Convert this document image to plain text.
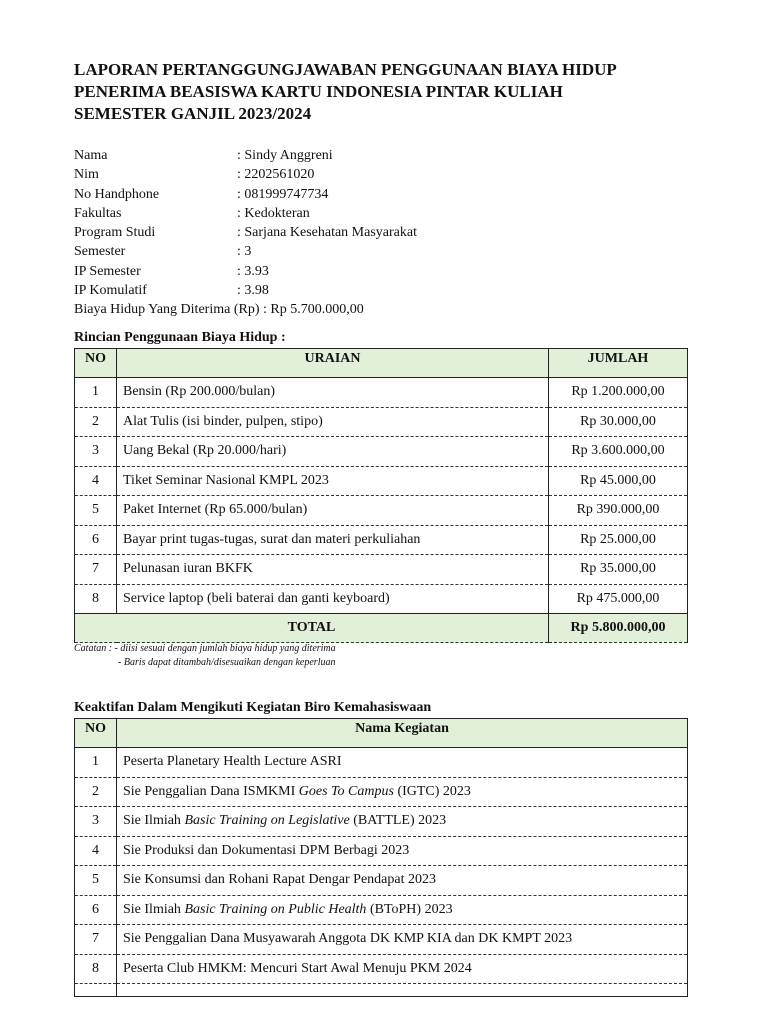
LAPORAN PERTANGGUNGJAWABAN PENGGUNAAN BIAYA HIDUP
PENERIMA BEASISWA KARTU INDONESIA PINTAR KULIAH
SEMESTER GANJIL 2023/2024
Nama	: Sindy Anggreni
Nim	: 2202561020
No Handphone	: 081999747734
Fakultas	: Kedokteran
Program Studi	: Sarjana Kesehatan Masyarakat
Semester	: 3
IP Semester	: 3.93
IP Komulatif	: 3.98
Biaya Hidup Yang Diterima (Rp) : Rp 5.700.000,00
Rincian Penggunaan Biaya Hidup :
NO	URAIAN	JUMLAH
1	Bensin (Rp 200.000/bulan)	Rp 1.200.000,00
2	Alat Tulis (isi binder, pulpen, stipo)	Rp 30.000,00
3	Uang Bekal (Rp 20.000/hari)	Rp 3.600.000,00
4	Tiket Seminar Nasional KMPL 2023	Rp 45.000,00
5	Paket Internet (Rp 65.000/bulan)	Rp 390.000,00
6	Bayar print tugas-tugas, surat dan materi perkuliahan	Rp 25.000,00
7	Pelunasan iuran BKFK	Rp 35.000,00
8	Service laptop (beli baterai dan ganti keyboard)	Rp 475.000,00
TOTAL		Rp 5.800.000,00
Catatan : - diisi sesuai dengan jumlah biaya hidup yang diterima
- Baris dapat ditambah/disesuaikan dengan keperluan
Keaktifan Dalam Mengikuti Kegiatan Biro Kemahasiswaan
NO	Nama Kegiatan
1	Peserta Planetary Health Lecture ASRI
2	Sie Penggalian Dana ISMKMI Goes To Campus (IGTC) 2023
3	Sie Ilmiah Basic Training on Legislative (BATTLE) 2023
4	Sie Produksi dan Dokumentasi DPM Berbagi 2023
5	Sie Konsumsi dan Rohani Rapat Dengar Pendapat 2023
6	Sie Ilmiah Basic Training on Public Health (BToPH) 2023
7	Sie Penggalian Dana Musyawarah Anggota DK KMP KIA dan DK KMPT 2023
8	Peserta Club HMKM: Mencuri Start Awal Menuju PKM 2024
